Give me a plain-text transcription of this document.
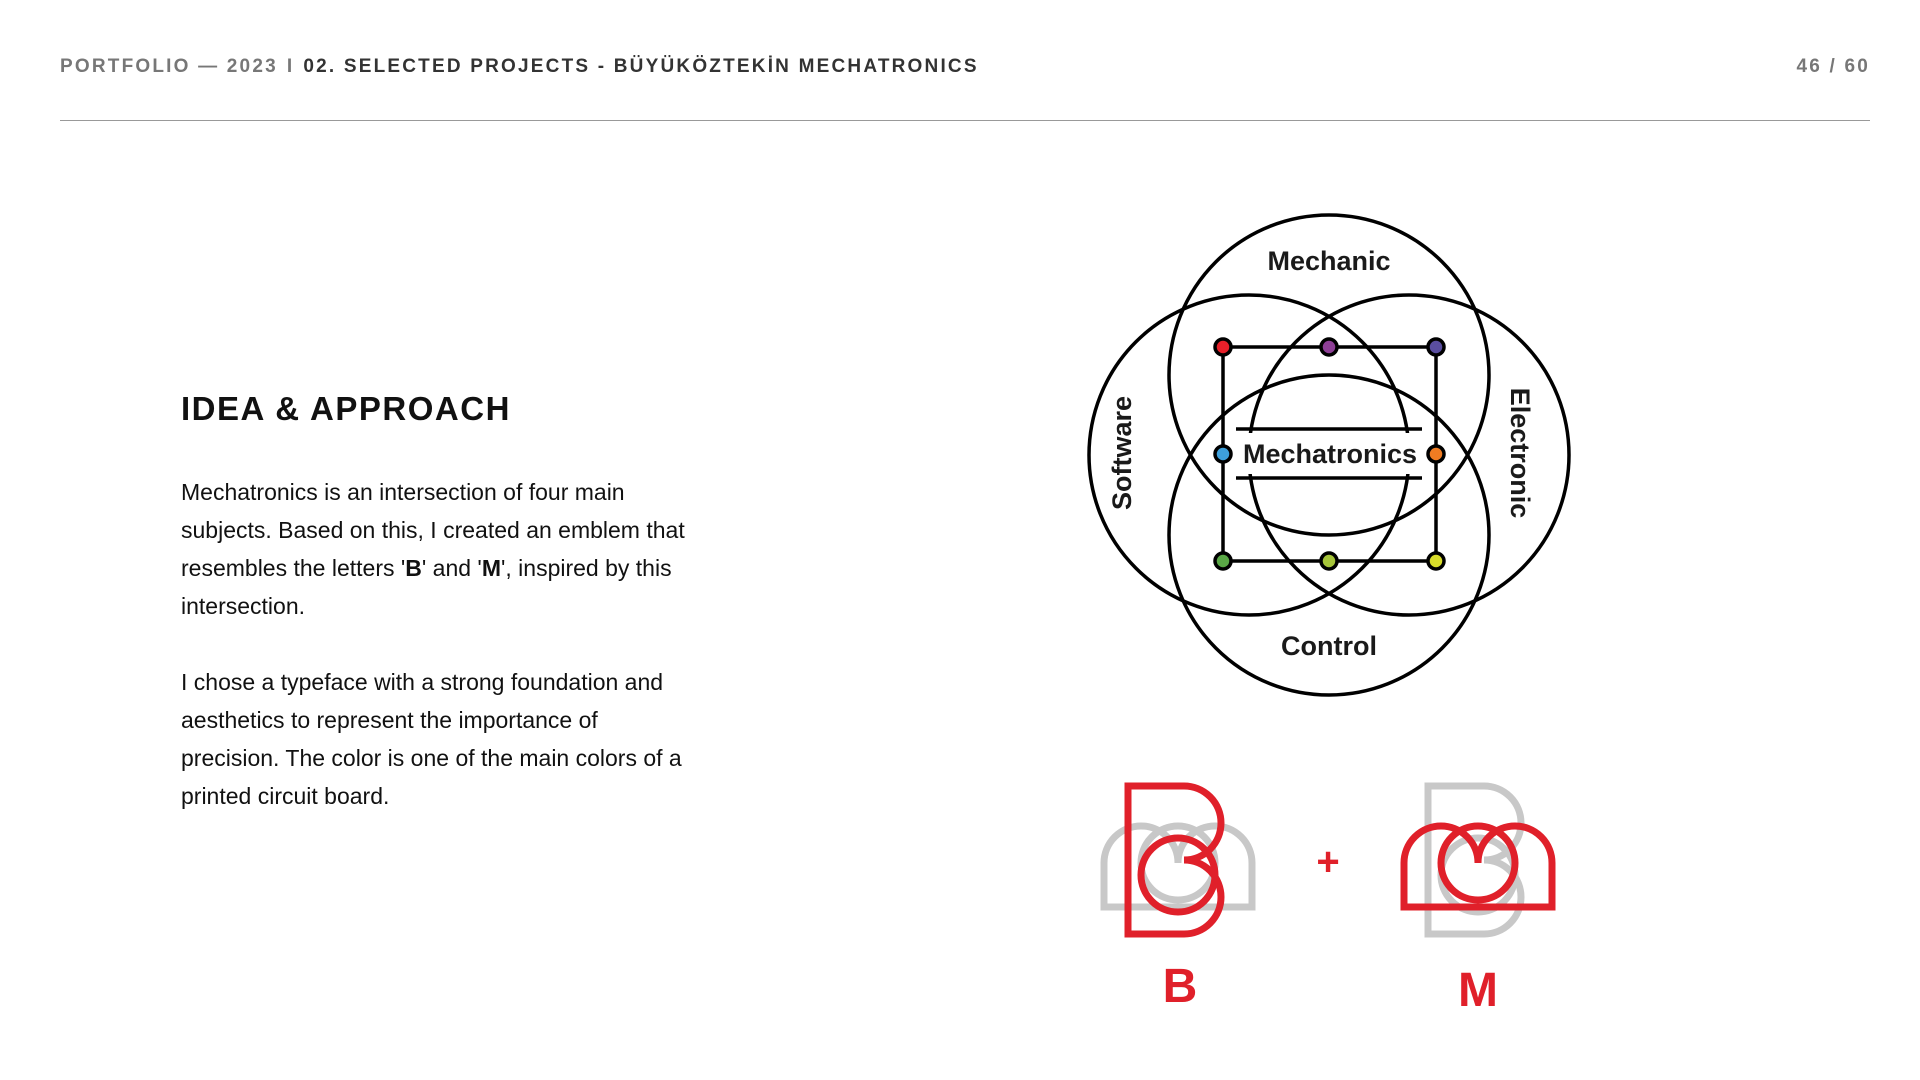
PORTFOLIO — 2023 I 02. SELECTED PROJECTS - BÜYÜKÖZTEKİN MECHATRONICS	46 / 60
IDEA & APPROACH

Mechatronics is an intersection of four main subjects. Based on this, I created an emblem that resembles the letters 'B' and 'M', inspired by this intersection.

I chose a typeface with a strong foundation and aesthetics to represent the importance of precision. The color is one of the main colors of a printed circuit board.

Mechanic
Control
Software	Electronic
Mechatronics
+
B	M
